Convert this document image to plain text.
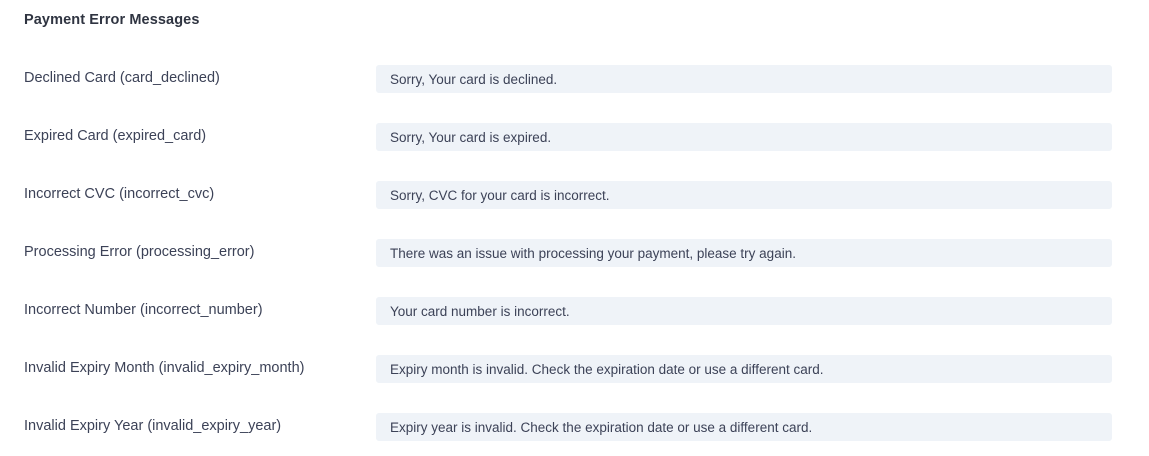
Payment Error Messages
Declined Card (card_declined)	Sorry, Your card is declined.
Expired Card (expired_card)	Sorry, Your card is expired.
Incorrect CVC (incorrect_cvc)	Sorry, CVC for your card is incorrect.
Processing Error (processing_error)	There was an issue with processing your payment, please try again.
Incorrect Number (incorrect_number)	Your card number is incorrect.
Invalid Expiry Month (invalid_expiry_month)	Expiry month is invalid. Check the expiration date or use a different card.
Invalid Expiry Year (invalid_expiry_year)	Expiry year is invalid. Check the expiration date or use a different card.
